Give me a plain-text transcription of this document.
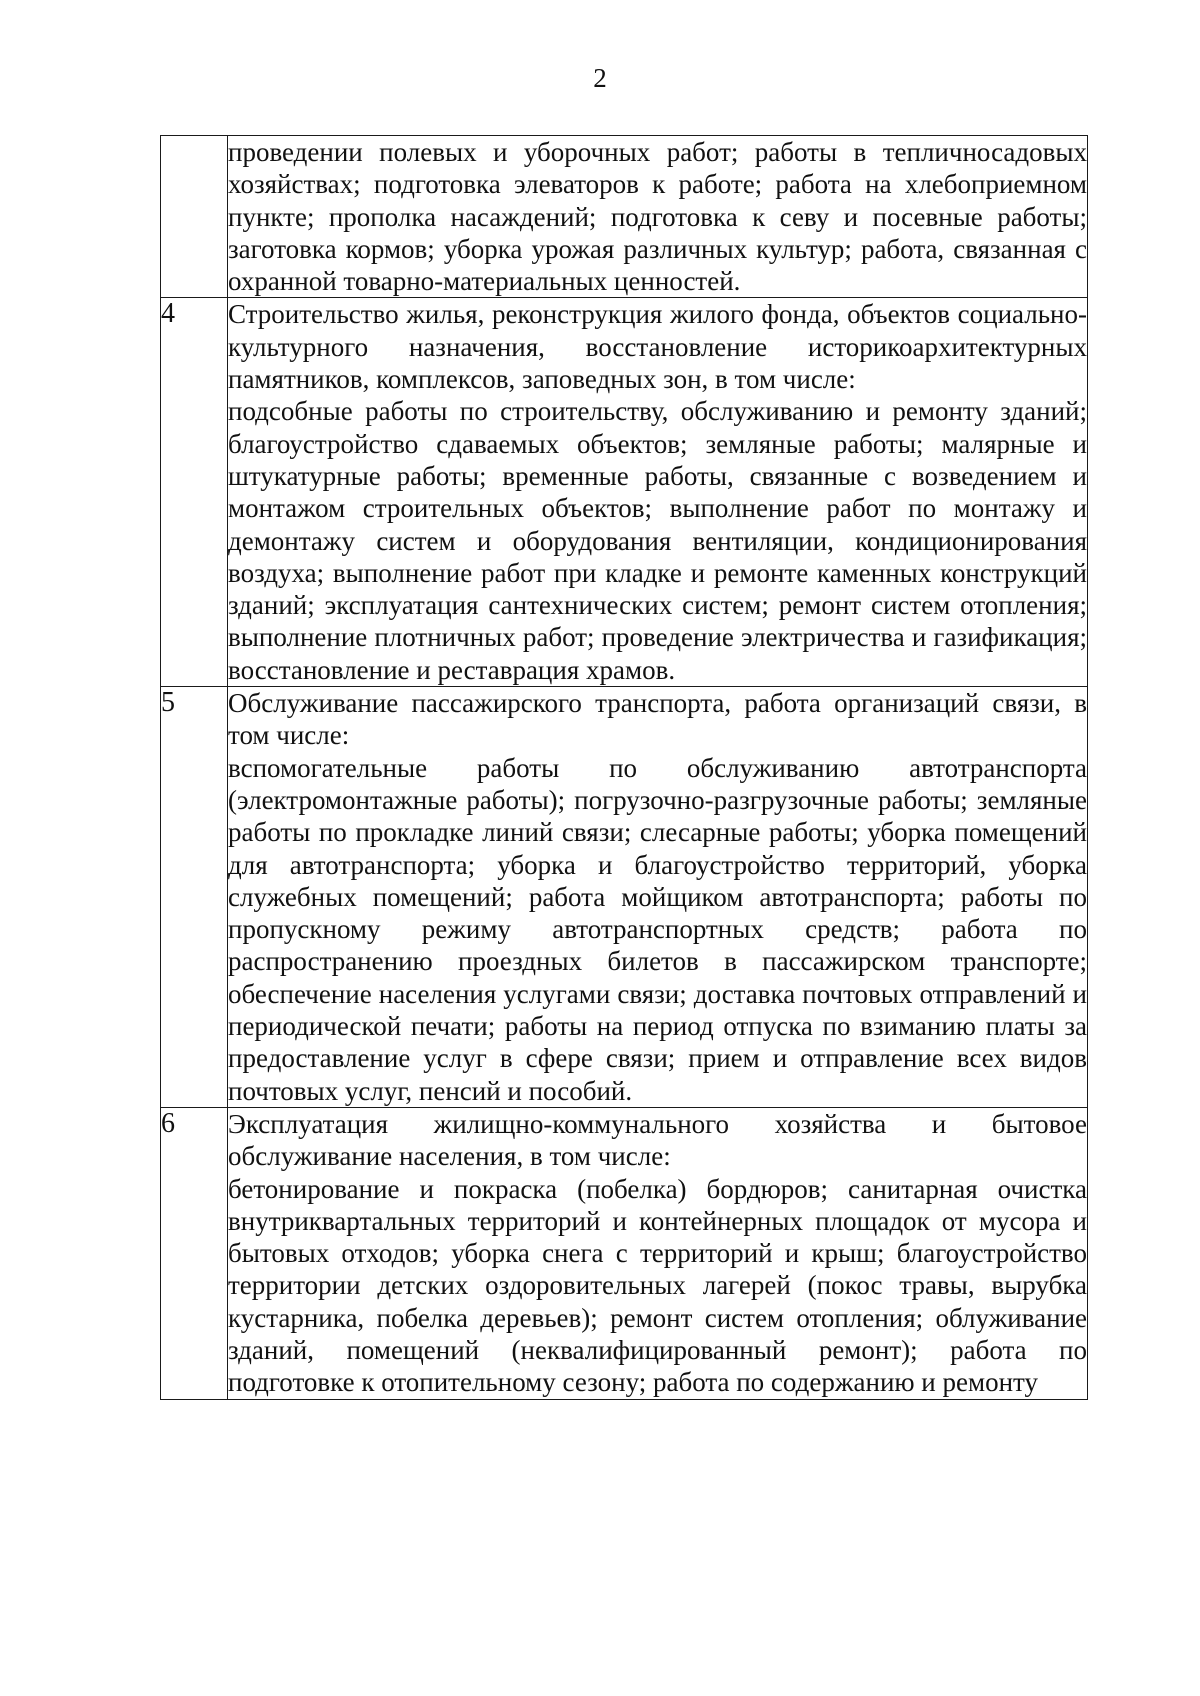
2

	проведении полевых и уборочных работ; работы в тепличносадовых хозяйствах; подготовка элеваторов к работе; работа на хлебоприемном пункте; прополка насаждений; подготовка к севу и посевные работы; заготовка кормов; уборка урожая различных культур; работа, связанная с охранной товарно-материальных ценностей.

4	Строительство жилья, реконструкция жилого фонда, объектов социально-культурного назначения, восстановление историкоархитектурных памятников, комплексов, заповедных зон, в том числе:
подсобные работы по строительству, обслуживанию и ремонту зданий; благоустройство сдаваемых объектов; земляные работы; малярные и штукатурные работы; временные работы, связанные с возведением и монтажом строительных объектов; выполнение работ по монтажу и демонтажу систем и оборудования вентиляции, кондиционирования воздуха; выполнение работ при кладке и ремонте каменных конструкций зданий; эксплуатация сантехнических систем; ремонт систем отопления; выполнение плотничных работ; проведение электричества и газификация; восстановление и реставрация храмов.

5	Обслуживание пассажирского транспорта, работа организаций связи, в том числе:
вспомогательные работы по обслуживанию автотранспорта (электромонтажные работы); погрузочно-разгрузочные работы; земляные работы по прокладке линий связи; слесарные работы; уборка помещений для автотранспорта; уборка и благоустройство территорий, уборка служебных помещений; работа мойщиком автотранспорта; работы по пропускному режиму автотранспортных средств; работа по распространению проездных билетов в пассажирском транспорте; обеспечение населения услугами связи; доставка почтовых отправлений и периодической печати; работы на период отпуска по взиманию платы за предоставление услуг в сфере связи; прием и отправление всех видов почтовых услуг, пенсий и пособий.

6	Эксплуатация жилищно-коммунального хозяйства и бытовое обслуживание населения, в том числе:
бетонирование и покраска (побелка) бордюров; санитарная очистка внутриквартальных территорий и контейнерных площадок от мусора и бытовых отходов; уборка снега с территорий и крыш; благоустройство территории детских оздоровительных лагерей (покос травы, вырубка кустарника, побелка деревьев); ремонт систем отопления; облуживание зданий, помещений (неквалифицированный ремонт); работа по подготовке к отопительному сезону; работа по содержанию и ремонту
